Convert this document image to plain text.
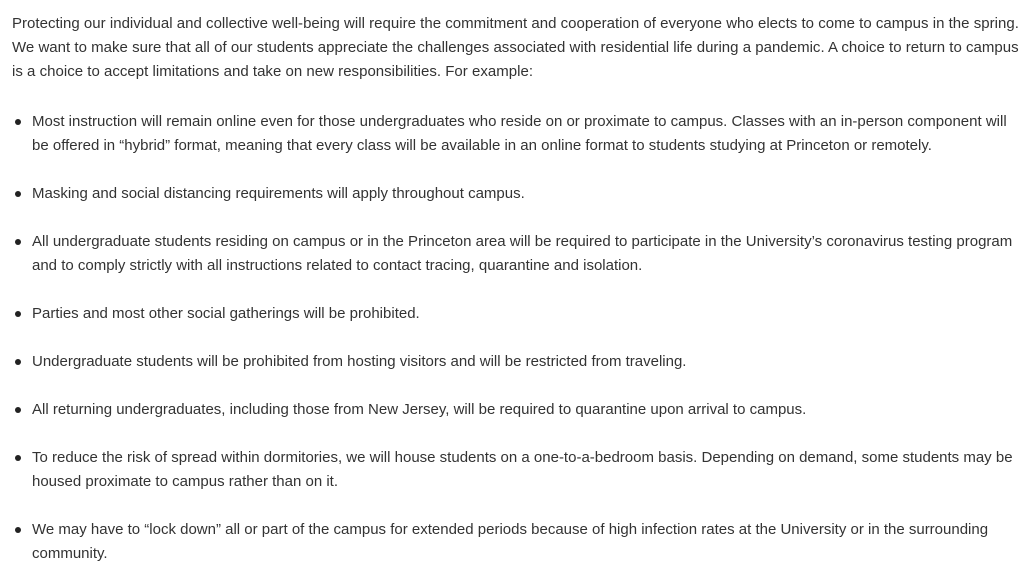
Protecting our individual and collective well-being will require the commitment and cooperation of everyone who elects to come to campus in the spring. We want to make sure that all of our students appreciate the challenges associated with residential life during a pandemic. A choice to return to campus is a choice to accept limitations and take on new responsibilities. For example:

Most instruction will remain online even for those undergraduates who reside on or proximate to campus. Classes with an in-person component will be offered in “hybrid” format, meaning that every class will be available in an online format to students studying at Princeton or remotely.
Masking and social distancing requirements will apply throughout campus.
All undergraduate students residing on campus or in the Princeton area will be required to participate in the University’s coronavirus testing program and to comply strictly with all instructions related to contact tracing, quarantine and isolation.
Parties and most other social gatherings will be prohibited.
Undergraduate students will be prohibited from hosting visitors and will be restricted from traveling.
All returning undergraduates, including those from New Jersey, will be required to quarantine upon arrival to campus.
To reduce the risk of spread within dormitories, we will house students on a one-to-a-bedroom basis. Depending on demand, some students may be housed proximate to campus rather than on it.
We may have to “lock down” all or part of the campus for extended periods because of high infection rates at the University or in the surrounding community.
